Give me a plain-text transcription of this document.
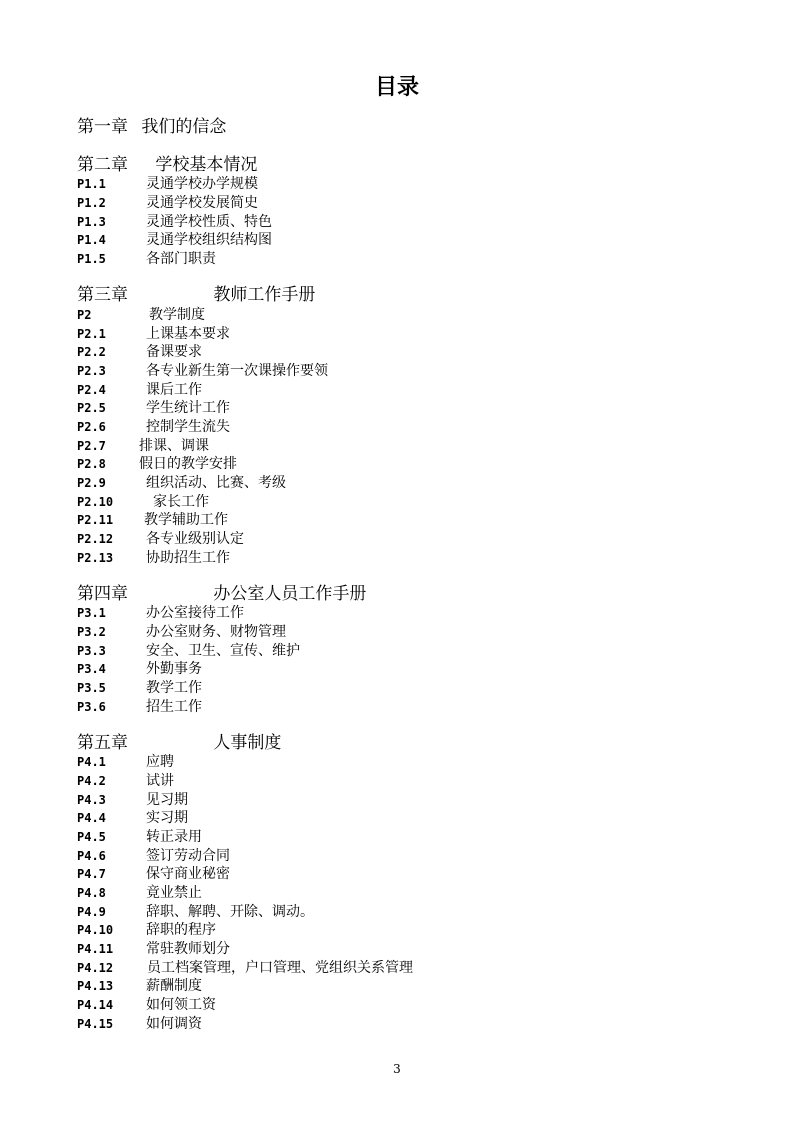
目录
第一章 我们的信念
第二章 学校基本情况
P1.1	灵通学校办学规模
P1.2	灵通学校发展简史
P1.3	灵通学校性质、特色
P1.4	灵通学校组织结构图
P1.5	各部门职责
第三章	教师工作手册
P2	教学制度
P2.1	上课基本要求
P2.2	备课要求
P2.3	各专业新生第一次课操作要领
P2.4	课后工作
P2.5	学生统计工作
P2.6	控制学生流失
P2.7 排课、调课
P2.8 假日的教学安排
P2.9	组织活动、比赛、考级
P2.10	家长工作
P2.11 教学辅助工作
P2.12 各专业级别认定
P2.13 协助招生工作
第四章	办公室人员工作手册
P3.1	办公室接待工作
P3.2	办公室财务、财物管理
P3.3	安全、卫生、宣传、维护
P3.4	外勤事务
P3.5	教学工作
P3.6	招生工作
第五章	人事制度
P4.1	应聘
P4.2	试讲
P4.3	见习期
P4.4	实习期
P4.5	转正录用
P4.6	签订劳动合同
P4.7	保守商业秘密
P4.8	竟业禁止
P4.9	辞职、解聘、开除、调动。
P4.10 辞职的程序
P4.11 常驻教师划分
P4.12 员工档案管理，户口管理、党组织关系管理
P4.13 薪酬制度
P4.14 如何领工资
P4.15 如何调资
3
